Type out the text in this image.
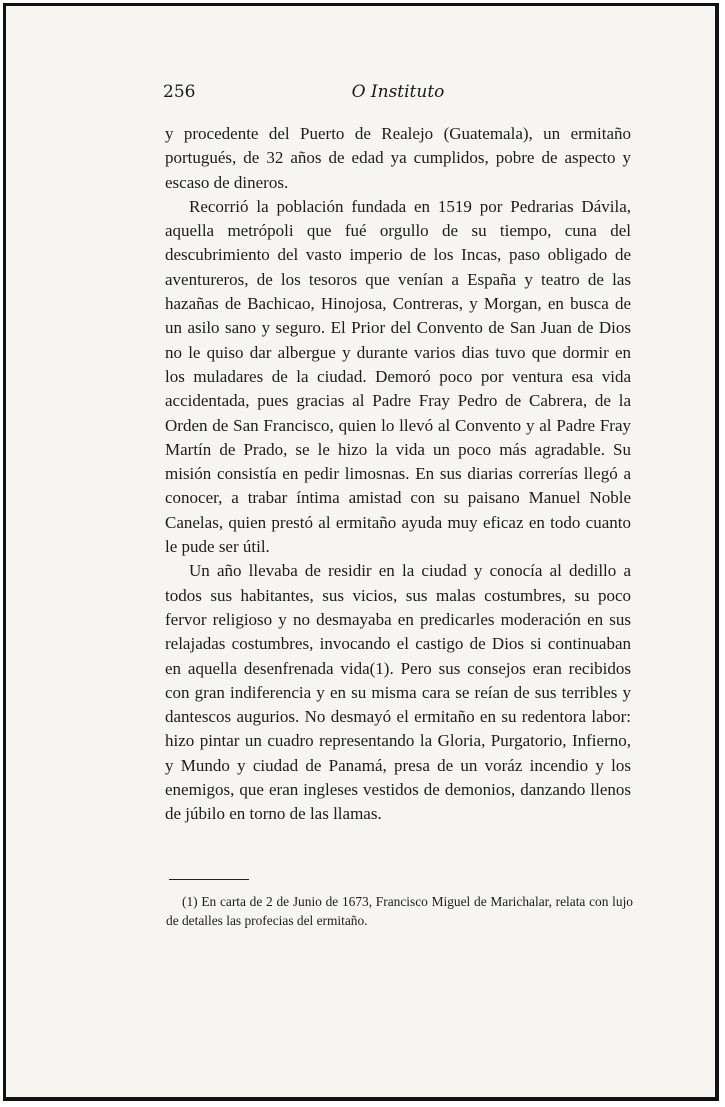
256	O Instituto

y procedente del Puerto de Realejo (Guatemala), un ermitaño portugués, de 32 años de edad ya cumplidos, pobre de aspecto y escaso de dineros.

Recorrió la población fundada en 1519 por Pedrarias Dávila, aquella metrópoli que fué orgullo de su tiempo, cuna del descubrimiento del vasto imperio de los Incas, paso obligado de aventureros, de los tesoros que venían a España y teatro de las hazañas de Bachicao, Hinojosa, Contreras, y Morgan, en busca de un asilo sano y seguro. El Prior del Convento de San Juan de Dios no le quiso dar albergue y durante varios dias tuvo que dormir en los muladares de la ciudad. Demoró poco por ventura esa vida accidentada, pues gracias al Padre Fray Pedro de Cabrera, de la Orden de San Francisco, quien lo llevó al Convento y al Padre Fray Martín de Prado, se le hizo la vida un poco más agradable. Su misión consistía en pedir limosnas. En sus diarias correrías llegó a conocer, a trabar íntima amistad con su paisano Manuel Noble Canelas, quien prestó al ermitaño ayuda muy eficaz en todo cuanto le pude ser útil.

Un año llevaba de residir en la ciudad y conocía al dedillo a todos sus habitantes, sus vicios, sus malas costumbres, su poco fervor religioso y no desmayaba en predicarles moderación en sus relajadas costumbres, invocando el castigo de Dios si continuaban en aquella desenfrenada vida(1). Pero sus consejos eran recibidos con gran indiferencia y en su misma cara se reían de sus terribles y dantescos augurios. No desmayó el ermitaño en su redentora labor: hizo pintar un cuadro representando la Gloria, Purgatorio, Infierno, y Mundo y ciudad de Panamá, presa de un voráz incendio y los enemigos, que eran ingleses vestidos de demonios, danzando llenos de júbilo en torno de las llamas.

(1) En carta de 2 de Junio de 1673, Francisco Miguel de Marichalar, relata con lujo de detalles las profecias del ermitaño.
